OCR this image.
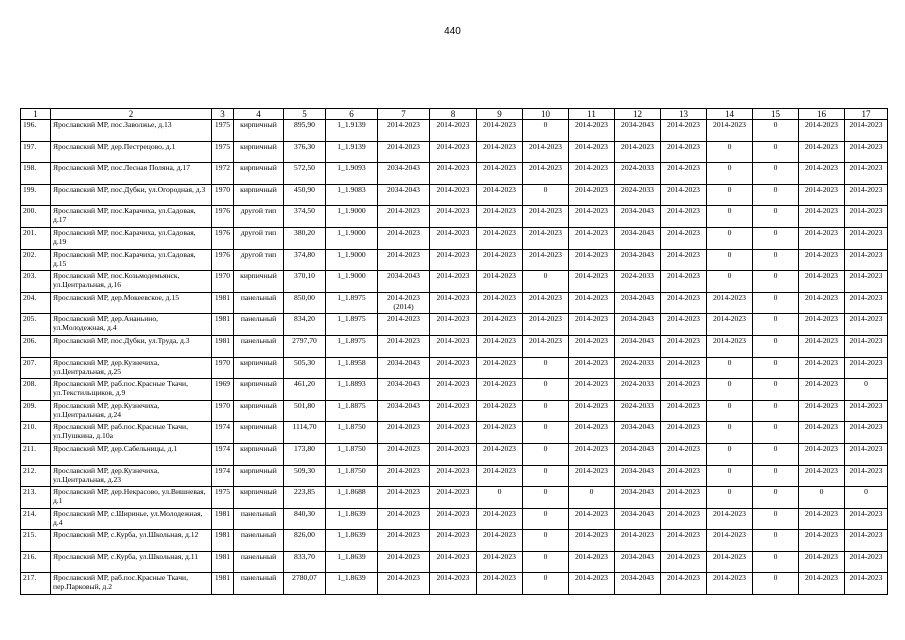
440
1	2	3	4	5	6	7	8	9	10	11	12	13	14	15	16	17
196.	Ярославский МР, пос.Заволжье, д.13	1975	кирпичный	895,90	1_1.9139	2014-2023	2014-2023	2014-2023	0	2014-2023	2034-2043	2014-2023	2014-2023	0	2014-2023	2014-2023
197.	Ярославский МР, дер.Пестрецово, д.1	1975	кирпичный	376,30	1_1.9139	2014-2023	2014-2023	2014-2023	2014-2023	2014-2023	2014-2023	2014-2023	0	0	2014-2023	2014-2023
198.	Ярославский МР, пос.Лесная Поляна, д.17	1972	кирпичный	572,50	1_1.9093	2034-2043	2014-2023	2014-2023	2014-2023	2014-2023	2024-2033	2014-2023	0	0	2014-2023	2014-2023
199.	Ярославский МР, пос.Дубки, ул.Огородная, д.3	1970	кирпичный	450,90	1_1.9083	2034-2043	2014-2023	2014-2023	0	2014-2023	2024-2033	2014-2023	0	0	2014-2023	2014-2023
200.	Ярославский МР, пос.Карачиха, ул.Садовая, д.17	1976	другой тип	374,50	1_1.9000	2014-2023	2014-2023	2014-2023	2014-2023	2014-2023	2034-2043	2014-2023	0	0	2014-2023	2014-2023
201.	Ярославский МР, пос.Карачиха, ул.Садовая, д.19	1976	другой тип	380,20	1_1.9000	2014-2023	2014-2023	2014-2023	2014-2023	2014-2023	2034-2043	2014-2023	0	0	2014-2023	2014-2023
202.	Ярославский МР, пос.Карачиха, ул.Садовая, д.15	1976	другой тип	374,80	1_1.9000	2014-2023	2014-2023	2014-2023	2014-2023	2014-2023	2034-2043	2014-2023	0	0	2014-2023	2014-2023
203.	Ярославский МР, пос.Козьмодемьянск, ул.Центральная, д.16	1970	кирпичный	370,10	1_1.9000	2034-2043	2014-2023	2014-2023	0	2014-2023	2024-2033	2014-2023	0	0	2014-2023	2014-2023
204.	Ярославский МР, дер.Мокеевское, д.15	1981	панельный	850,00	1_1.8975	2014-2023 (2014)	2014-2023	2014-2023	2014-2023	2014-2023	2034-2043	2014-2023	2014-2023	0	2014-2023	2014-2023
205.	Ярославский МР, дер.Ананьино, ул.Молодежная, д.4	1981	панельный	834,20	1_1.8975	2014-2023	2014-2023	2014-2023	2014-2023	2014-2023	2034-2043	2014-2023	2014-2023	0	2014-2023	2014-2023
206.	Ярославский МР, пос.Дубки, ул.Труда, д.3	1981	панельный	2797,70	1_1.8975	2014-2023	2014-2023	2014-2023	2014-2023	2014-2023	2034-2043	2014-2023	2014-2023	0	2014-2023	2014-2023
207.	Ярославский МР, дер.Кузнечиха, ул.Центральная, д.25	1970	кирпичный	505,30	1_1.8958	2034-2043	2014-2023	2014-2023	0	2014-2023	2024-2033	2014-2023	0	0	2014-2023	2014-2023
208.	Ярославский МР, раб.пос.Красные Ткачи, ул.Текстильщиков, д.9	1969	кирпичный	461,20	1_1.8893	2034-2043	2014-2023	2014-2023	0	2014-2023	2024-2033	2014-2023	0	0	2014-2023	0
209.	Ярославский МР, дер.Кузнечиха, ул.Центральная, д.24	1970	кирпичный	501,80	1_1.8875	2034-2043	2014-2023	2014-2023	0	2014-2023	2024-2033	2014-2023	0	0	2014-2023	2014-2023
210.	Ярославский МР, раб.пос.Красные Ткачи, ул.Пушкина, д.10а	1974	кирпичный	1114,70	1_1.8750	2014-2023	2014-2023	2014-2023	0	2014-2023	2034-2043	2014-2023	0	0	2014-2023	2014-2023
211.	Ярославский МР, дер.Сабельницы, д.1	1974	кирпичный	173,80	1_1.8750	2014-2023	2014-2023	2014-2023	0	2014-2023	2034-2043	2014-2023	0	0	2014-2023	2014-2023
212.	Ярославский МР, дер.Кузнечиха, ул.Центральная, д.23	1974	кирпичный	509,30	1_1.8750	2014-2023	2014-2023	2014-2023	0	2014-2023	2034-2043	2014-2023	0	0	2014-2023	2014-2023
213.	Ярославский МР, дер.Некрасово, ул.Вишневая, д.1	1975	кирпичный	223,85	1_1.8688	2014-2023	2014-2023	0	0	0	2034-2043	2014-2023	0	0	0	0
214.	Ярославский МР, с.Ширинье, ул.Молодежная, д.4	1981	панельный	840,30	1_1.8639	2014-2023	2014-2023	2014-2023	0	2014-2023	2034-2043	2014-2023	2014-2023	0	2014-2023	2014-2023
215.	Ярославский МР, с.Курба, ул.Школьная, д.12	1981	панельный	826,00	1_1.8639	2014-2023	2014-2023	2014-2023	0	2014-2023	2014-2023	2014-2023	2014-2023	0	2014-2023	2014-2023
216.	Ярославский МР, с.Курба, ул.Школьная, д.11	1981	панельный	833,70	1_1.8639	2014-2023	2014-2023	2014-2023	0	2014-2023	2034-2043	2014-2023	2014-2023	0	2014-2023	2014-2023
217.	Ярославский МР, раб.пос.Красные Ткачи, пер.Парковый, д.2	1981	панельный	2780,07	1_1.8639	2014-2023	2014-2023	2014-2023	0	2014-2023	2034-2043	2014-2023	2014-2023	0	2014-2023	2014-2023
